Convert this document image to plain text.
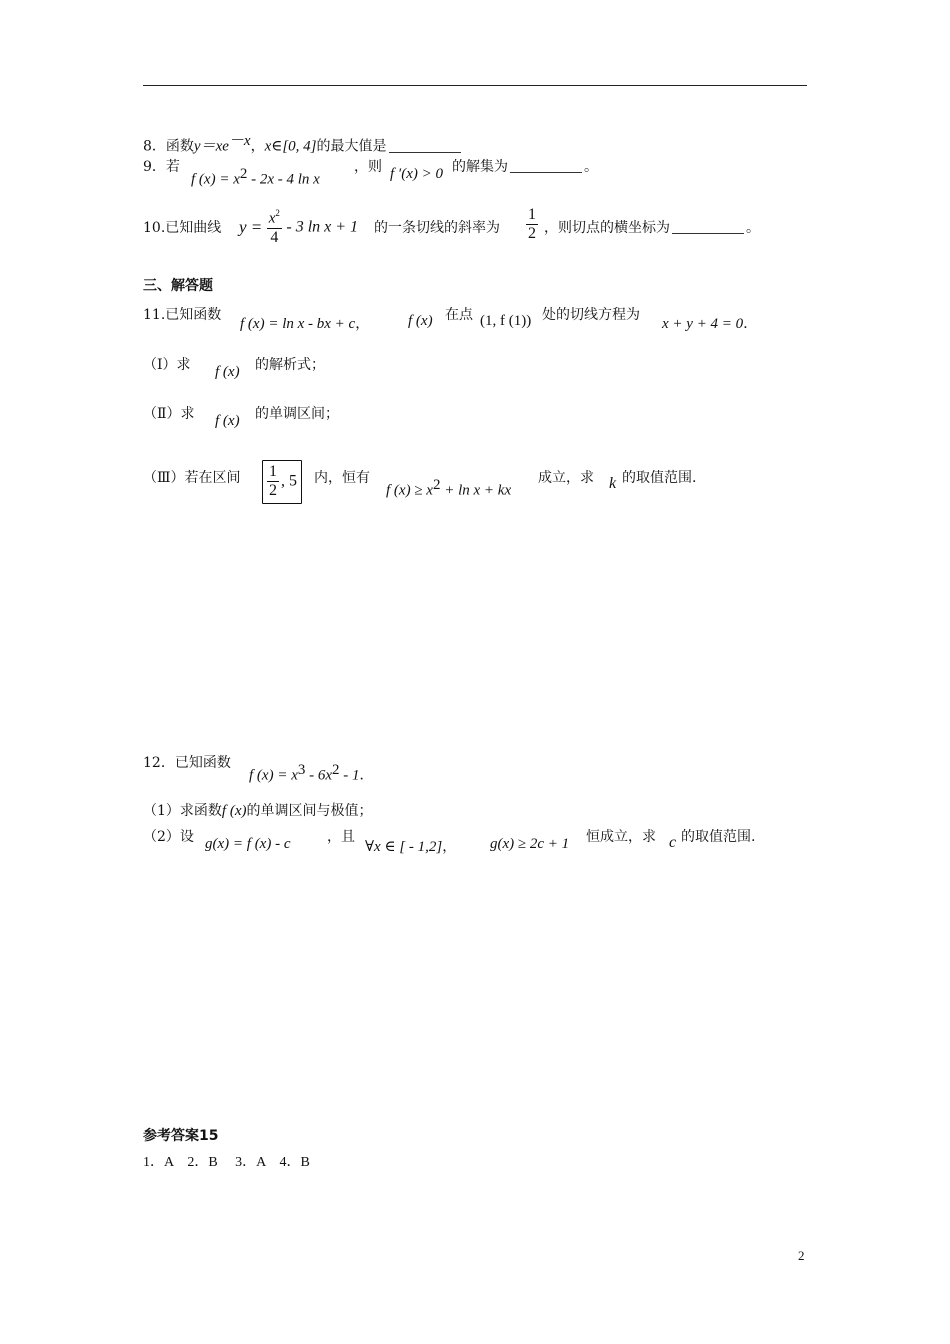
8．函数$y=xe^{-x}$，x∈[0, 4]的最大值是
9．若
f $(x) = x^2 - 2x - 4$ ln x
，则 f ′(x) > 0 的解集为	。
10.已知曲线 $y = \frac{x^2}{4} - 3$ ln x + 1 的一条切线的斜率为 $\frac{1}{2}$ ，则切点的横坐标为	。
三、解答题
11.已知函数
f (x) = ln x - bx + c，	f (x) 在点 (1, f (1)) 处的切线方程为
x + y + 4 = 0．
（Ⅰ）求 f (x) 的解析式；
（Ⅱ）求 f (x) 的单调区间；
（Ⅲ）若在区间 $\frac{1}{2}$ , 5	内，恒有
f $(x) \ge x^2 + \ln x$ + kx
成立，求 k 的取值范围.
12．已知函数
f $(x) = x^3 - 6x^2 - 1$．
（1）求函数f (x)的单调区间与极值；
（2）设 g(x) = f (x) - c	，且
∀x ∈ [ - 1,2]， g(x) ≥ 2c + 1 恒成立，求 c 的取值范围.
参考答案15
1．A　2．B　 3．A　4．B
2
